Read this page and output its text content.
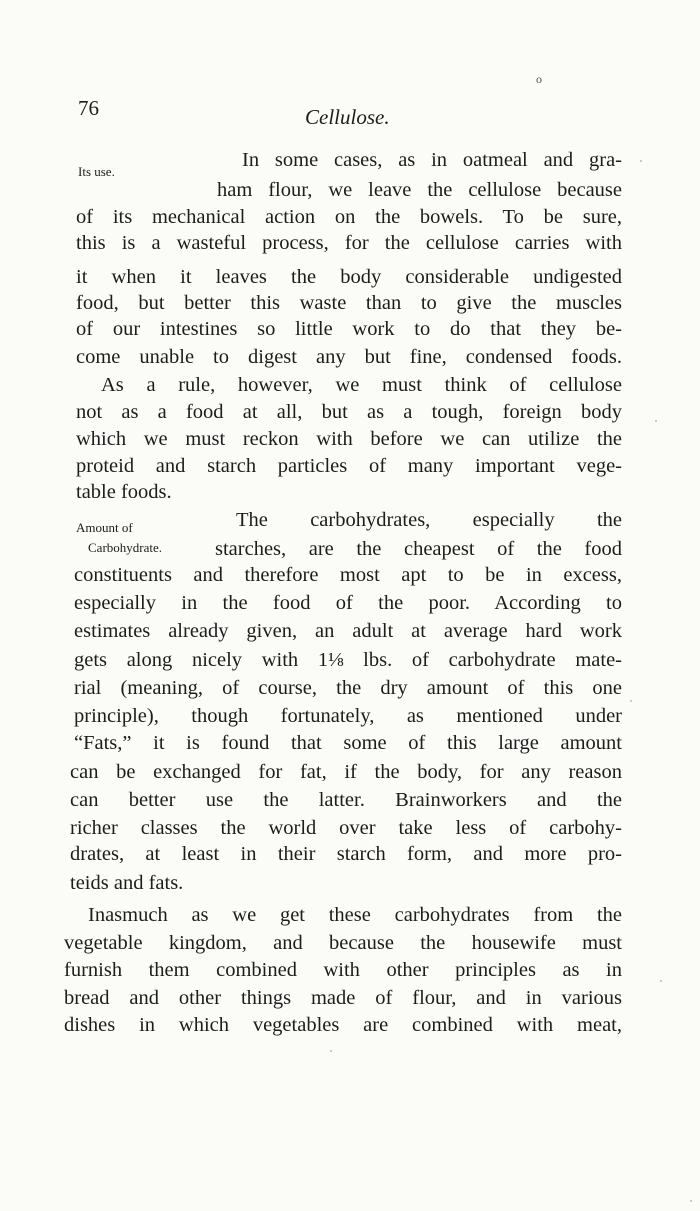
76	Cellulose.
o
Its use.
Amount of
Carbohydrate.
In some cases, as in oatmeal and gra-
ham flour, we leave the cellulose because
of its mechanical action on the bowels. To be sure,
this is a wasteful process, for the cellulose carries with
it when it leaves the body considerable undigested
food, but better this waste than to give the muscles
of our intestines so little work to do that they be-
come unable to digest any but fine, condensed foods.
As a rule, however, we must think of cellulose
not as a food at all, but as a tough, foreign body
which we must reckon with before we can utilize the
proteid and starch particles of many important vege-
table foods.
The carbohydrates, especially the
starches, are the cheapest of the food
constituents and therefore most apt to be in excess,
especially in the food of the poor. According to
estimates already given, an adult at average hard work
gets along nicely with 1⅛ lbs. of carbohydrate mate-
rial (meaning, of course, the dry amount of this one
principle), though fortunately, as mentioned under
“Fats,” it is found that some of this large amount
can be exchanged for fat, if the body, for any reason
can better use the latter. Brainworkers and the
richer classes the world over take less of carbohy-
drates, at least in their starch form, and more pro-
teids and fats.
Inasmuch as we get these carbohydrates from the
vegetable kingdom, and because the housewife must
furnish them combined with other principles as in
bread and other things made of flour, and in various
dishes in which vegetables are combined with meat,
